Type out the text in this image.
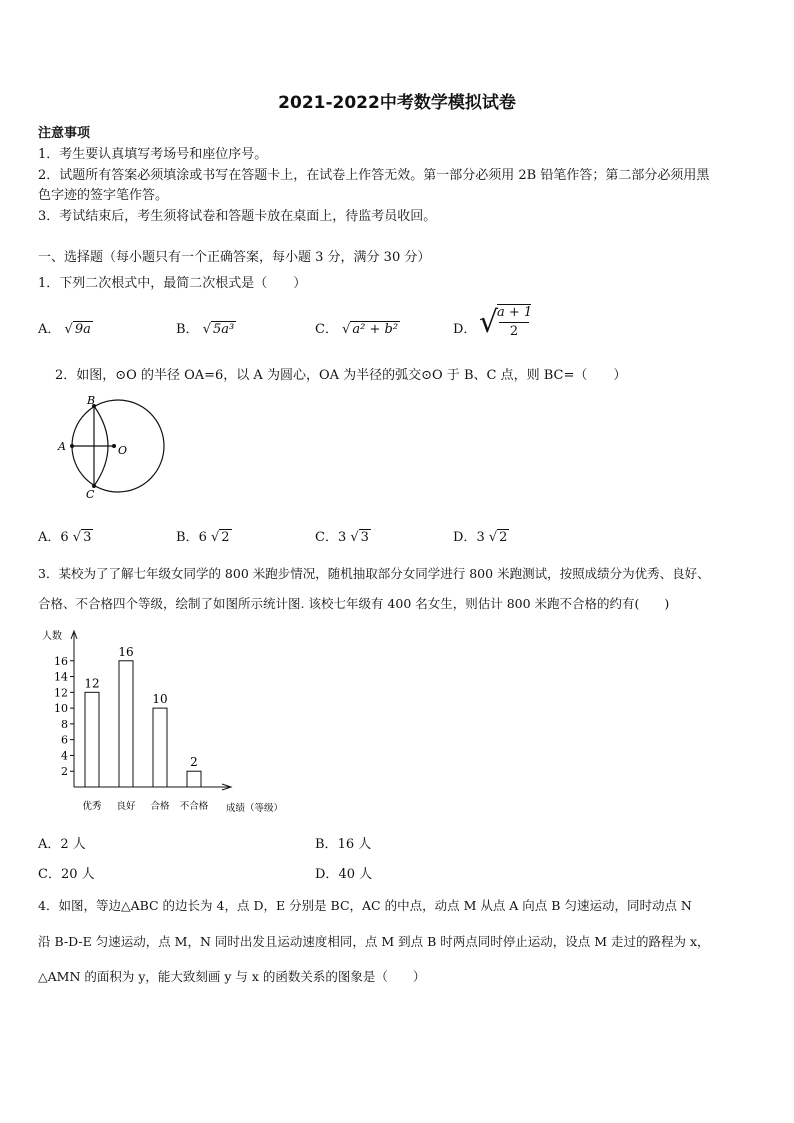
2021-2022中考数学模拟试卷
注意事项
1．考生要认真填写考场号和座位序号。
2．试题所有答案必须填涂或书写在答题卡上，在试卷上作答无效。第一部分必须用 2B 铅笔作答；第二部分必须用黑
色字迹的签字笔作答。
3．考试结束后，考生须将试卷和答题卡放在桌面上，待监考员收回。
一、选择题（每小题只有一个正确答案，每小题 3 分，满分 30 分）
1．下列二次根式中，最简二次根式是（　　）
A． √ 9a	B． √ 5a³	C． √ a² + b²	D． √
a + 1
2
2．如图，⊙O 的半径 OA=6，以 A 为圆心，OA 为半径的弧交⊙O 于 B、C 点，则 BC=（　　）
B
A	O
C
A．6 √ 3	B．6 √ 2	C．3 √ 3	D．3 √ 2
3．某校为了了解七年级女同学的 800 米跑步情况，随机抽取部分女同学进行 800 米跑测试，按照成绩分为优秀、良好、
合格、不合格四个等级，绘制了如图所示统计图. 该校七年级有 400 名女生，则估计 800 米跑不合格的约有(　　)
人数
2
4
6
8
10
12
14
16
12
优秀
16
良好
10
合格
2
不合格 成绩（等级）
A．2 人	B．16 人
C．20 人	D．40 人
4．如图，等边△ABC 的边长为 4，点 D，E 分别是 BC，AC 的中点，动点 M 从点 A 向点 B 匀速运动，同时动点 N
沿 B-D-E 匀速运动，点 M，N 同时出发且运动速度相同，点 M 到点 B 时两点同时停止运动，设点 M 走过的路程为 x，
△AMN 的面积为 y，能大致刻画 y 与 x 的函数关系的图象是（　　）
